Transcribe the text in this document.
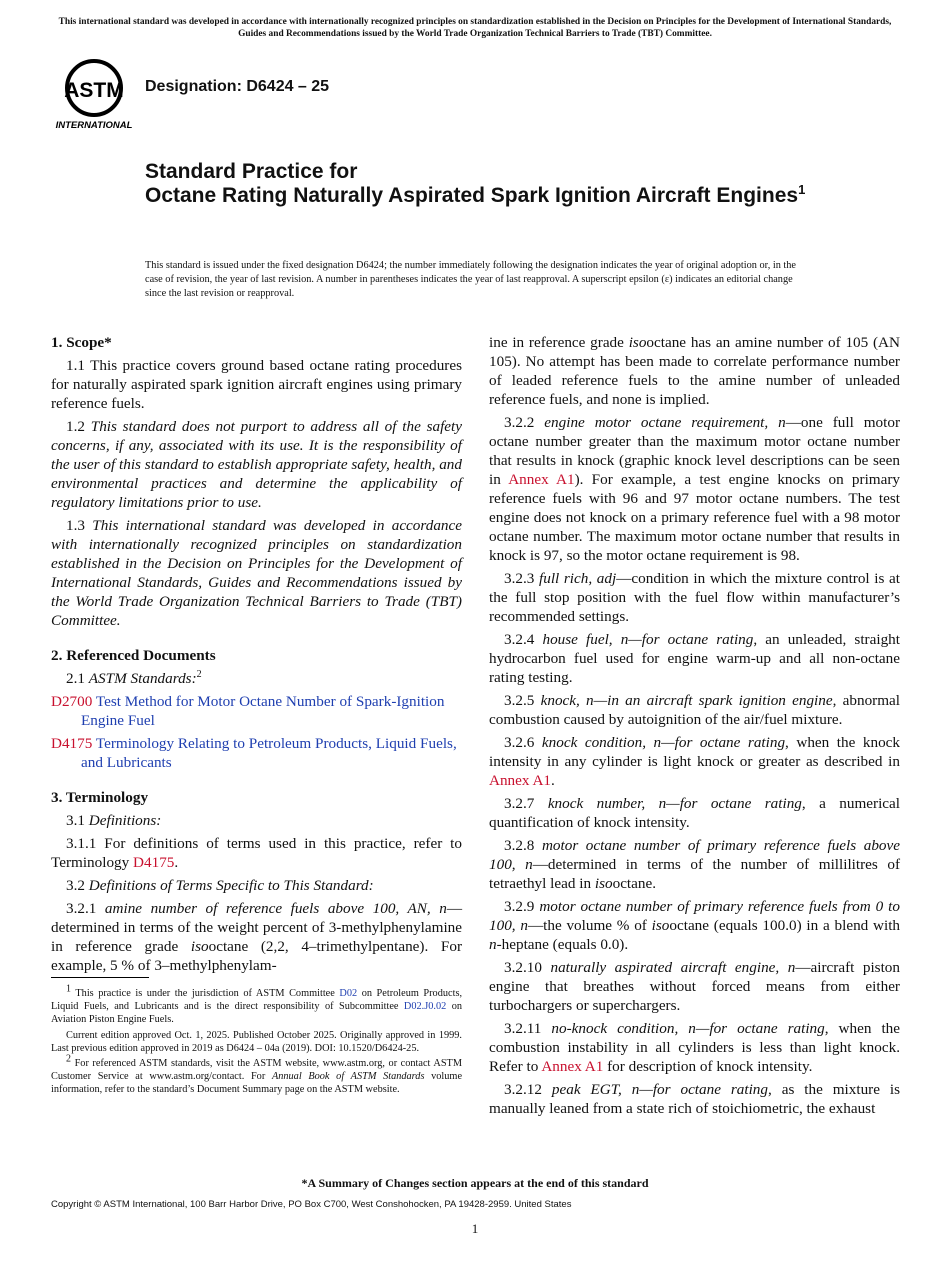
This international standard was developed in accordance with internationally recognized principles on standardization established in the Decision on Principles for the Development of International Standards, Guides and Recommendations issued by the World Trade Organization Technical Barriers to Trade (TBT) Committee.
ASTM
INTERNATIONAL
Designation: D6424 – 25
Standard Practice for
Octane Rating Naturally Aspirated Spark Ignition Aircraft Engines$^1$
This standard is issued under the fixed designation D6424; the number immediately following the designation indicates the year of original adoption or, in the case of revision, the year of last revision. A number in parentheses indicates the year of last reapproval. A superscript epsilon (ε) indicates an editorial change since the last revision or reapproval.
1. Scope*

1.1 This practice covers ground based octane rating procedures for naturally aspirated spark ignition aircraft engines using primary reference fuels.

1.2 This standard does not purport to address all of the safety concerns, if any, associated with its use. It is the responsibility of the user of this standard to establish appropriate safety, health, and environmental practices and determine the applicability of regulatory limitations prior to use.

1.3 This international standard was developed in accordance with internationally recognized principles on standardization established in the Decision on Principles for the Development of International Standards, Guides and Recommendations issued by the World Trade Organization Technical Barriers to Trade (TBT) Committee.

2. Referenced Documents

2.1 ASTM Standards:$^2$

D2700 Test Method for Motor Octane Number of Spark-Ignition Engine Fuel

D4175 Terminology Relating to Petroleum Products, Liquid Fuels, and Lubricants

3. Terminology

3.1 Definitions:

3.1.1 For definitions of terms used in this practice, refer to Terminology D4175.

3.2 Definitions of Terms Specific to This Standard:

3.2.1 amine number of reference fuels above 100, AN, n—determined in terms of the weight percent of 3-methylphenylamine in reference grade isooctane (2,2, 4–trimethylpentane). For example, 5 % of 3–methylphenylam-

ine in reference grade isooctane has an amine number of 105 (AN 105). No attempt has been made to correlate performance number of leaded reference fuels to the amine number of unleaded reference fuels, and none is implied.

3.2.2 engine motor octane requirement, n—one full motor octane number greater than the maximum motor octane number that results in knock (graphic knock level descriptions can be seen in Annex A1). For example, a test engine knocks on primary reference fuels with 96 and 97 motor octane numbers. The test engine does not knock on a primary reference fuel with a 98 motor octane number. The maximum motor octane number that results in knock is 97, so the motor octane requirement is 98.

3.2.3 full rich, adj—condition in which the mixture control is at the full stop position with the fuel flow within manufacturer’s recommended settings.

3.2.4 house fuel, n—for octane rating, an unleaded, straight hydrocarbon fuel used for engine warm-up and all non-octane rating testing.

3.2.5 knock, n—in an aircraft spark ignition engine, abnormal combustion caused by autoignition of the air/fuel mixture.

3.2.6 knock condition, n—for octane rating, when the knock intensity in any cylinder is light knock or greater as described in Annex A1.

3.2.7 knock number, n—for octane rating, a numerical quantification of knock intensity.

3.2.8 motor octane number of primary reference fuels above 100, n—determined in terms of the number of millilitres of tetraethyl lead in isooctane.

3.2.9 motor octane number of primary reference fuels from 0 to 100, n—the volume % of isooctane (equals 100.0) in a blend with n-heptane (equals 0.0).

3.2.10 naturally aspirated aircraft engine, n—aircraft piston engine that breathes without forced means from either turbochargers or superchargers.

3.2.11 no-knock condition, n—for octane rating, when the combustion instability in all cylinders is less than light knock. Refer to Annex A1 for description of knock intensity.

3.2.12 peak EGT, n—for octane rating, as the mixture is manually leaned from a state rich of stoichiometric, the exhaust

$^1$ This practice is under the jurisdiction of ASTM Committee D02 on Petroleum Products, Liquid Fuels, and Lubricants and is the direct responsibility of Subcommittee D02.J0.02 on Aviation Piston Engine Fuels.

Current edition approved Oct. 1, 2025. Published October 2025. Originally approved in 1999. Last previous edition approved in 2019 as D6424 – 04a (2019). DOI: 10.1520/D6424-25.

$^2$ For referenced ASTM standards, visit the ASTM website, www.astm.org, or contact ASTM Customer Service at www.astm.org/contact. For Annual Book of ASTM Standards volume information, refer to the standard’s Document Summary page on the ASTM website.

*A Summary of Changes section appears at the end of this standard
Copyright © ASTM International, 100 Barr Harbor Drive, PO Box C700, West Conshohocken, PA 19428-2959. United States
1
